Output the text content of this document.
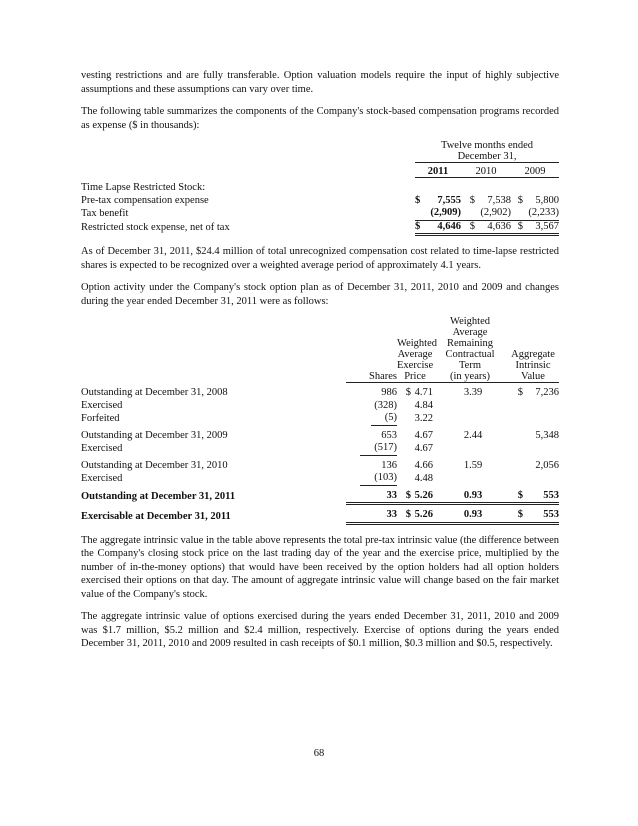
vesting restrictions and are fully transferable. Option valuation models require the input of highly subjective assumptions and these assumptions can vary over time.

The following table summarizes the components of the Company's stock-based compensation programs recorded as expense ($ in thousands):

	Twelve months ended					
	December 31,					
	2011		2010		2009	

Time Lapse Restricted Stock:						
Pre-tax compensation expense	$	7,555	$	7,538	$	5,800
Tax benefit		(2,909)		(2,902)		(2,233)
Restricted stock expense, net of tax	$	4,646	$	4,636	$	3,567

As of December 31, 2011, $24.4 million of total unrecognized compensation cost related to time-lapse restricted shares is expected to be recognized over a weighted average period of approximately 4.1 years.

Option activity under the Company's stock option plan as of December 31, 2011, 2010 and 2009 and changes during the year ended December 31, 2011 were as follows:

				Weighted		
				Average		
		Weighted		Remaining		
		Average		Contractual	Aggregate	
		Exercise		Term	Intrinsic	
	Shares	Price		(in years)	Value	

Outstanding at December 31, 2008	986	$	4.71	3.39	$	7,236
Exercised	(328)		4.84			
Forfeited	(5)		3.22			

Outstanding at December 31, 2009	653		4.67	2.44		5,348
Exercised	(517)		4.67			

Outstanding at December 31, 2010	136		4.66	1.59		2,056
Exercised	(103)		4.48			

Outstanding at December 31, 2011	33	$	5.26	0.93	$	553

Exercisable at December 31, 2011	33	$	5.26	0.93	$	553

The aggregate intrinsic value in the table above represents the total pre-tax intrinsic value (the difference between the Company's closing stock price on the last trading day of the year and the exercise price, multiplied by the number of in-the-money options) that would have been received by the option holders had all option holders exercised their options on that day. The amount of aggregate intrinsic value will change based on the fair market value of the Company's stock.

The aggregate intrinsic value of options exercised during the years ended December 31, 2011, 2010 and 2009 was $1.7 million, $5.2 million and $2.4 million, respectively. Exercise of options during the years ended December 31, 2011, 2010 and 2009 resulted in cash receipts of $0.1 million, $0.3 million and $0.5, respectively.

68
